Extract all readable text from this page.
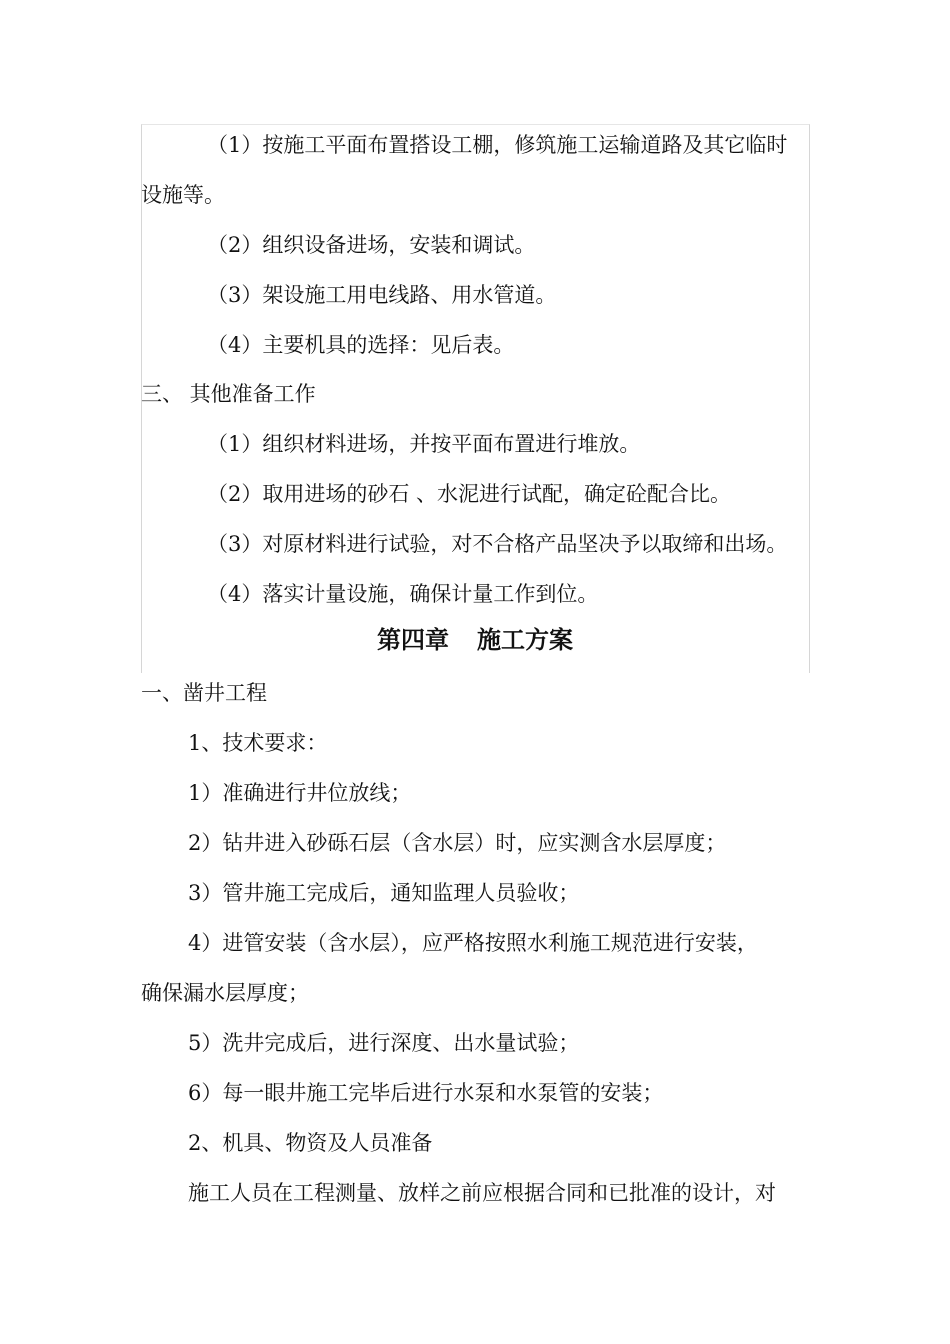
（1）按施工平面布置搭设工棚，修筑施工运输道路及其它临时

设施等。

（2）组织设备进场，安装和调试。

（3）架设施工用电线路、用水管道。

（4）主要机具的选择：见后表。

三、 其他准备工作

（1）组织材料进场，并按平面布置进行堆放。

（2）取用进场的砂石 、水泥进行试配，确定砼配合比。

（3）对原材料进行试验，对不合格产品坚决予以取缔和出场。

（4）落实计量设施，确保计量工作到位。

第四章 施工方案

一、凿井工程

1、技术要求：

1）准确进行井位放线；

2）钻井进入砂砾石层（含水层）时，应实测含水层厚度；

3）管井施工完成后，通知监理人员验收；

4）进管安装（含水层），应严格按照水利施工规范进行安装，

确保漏水层厚度；

5）洗井完成后，进行深度、出水量试验；

6）每一眼井施工完毕后进行水泵和水泵管的安装；

2、机具、物资及人员准备

施工人员在工程测量、放样之前应根据合同和已批准的设计，对
